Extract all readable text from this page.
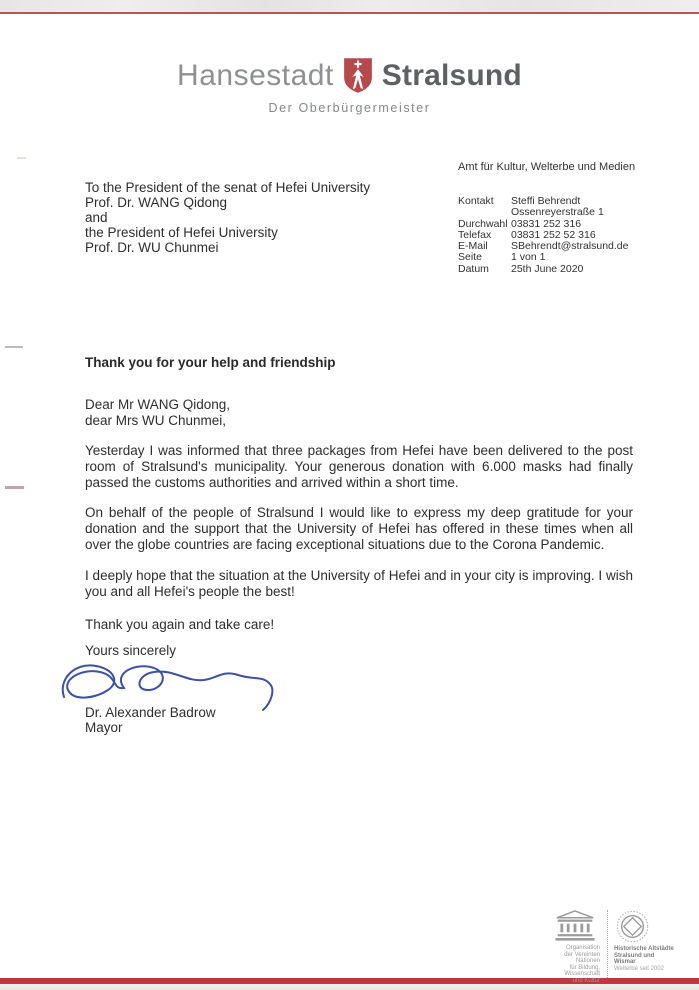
Hansestadt Stralsund
Der Oberbürgermeister
Amt für Kultur, Welterbe und Medien
Kontakt	Steffi Behrendt
Ossenreyerstraße 1
Durchwahl 03831 252 316
Telefax	03831 252 52 316
E-Mail	SBehrendt@stralsund.de
Seite	1 von 1
Datum	25th June 2020
To the President of the senat of Hefei University
Prof. Dr. WANG Qidong
and
the President of Hefei University
Prof. Dr. WU Chunmei
Thank you for your help and friendship
Dear Mr WANG Qidong,
dear Mrs WU Chunmei,
Yesterday I was informed that three packages from Hefei have been delivered to the post room of Stralsund's municipality. Your generous donation with 6.000 masks had finally passed the customs authorities and arrived within a short time.
On behalf of the people of Stralsund I would like to express my deep gratitude for your donation and the support that the University of Hefei has offered in these times when all over the globe countries are facing exceptional situations due to the Corona Pandemic.
I deeply hope that the situation at the University of Hefei and in your city is improving. I wish you and all Hefei's people the best!
Thank you again and take care!
Yours sincerely
Dr. Alexander Badrow
Mayor
Organisation
der Vereinten Nationen
für Bildung, Wissenschaft
und Kultur
Historische Altstädte
Stralsund und Wismar
Welterbe seit 2002
